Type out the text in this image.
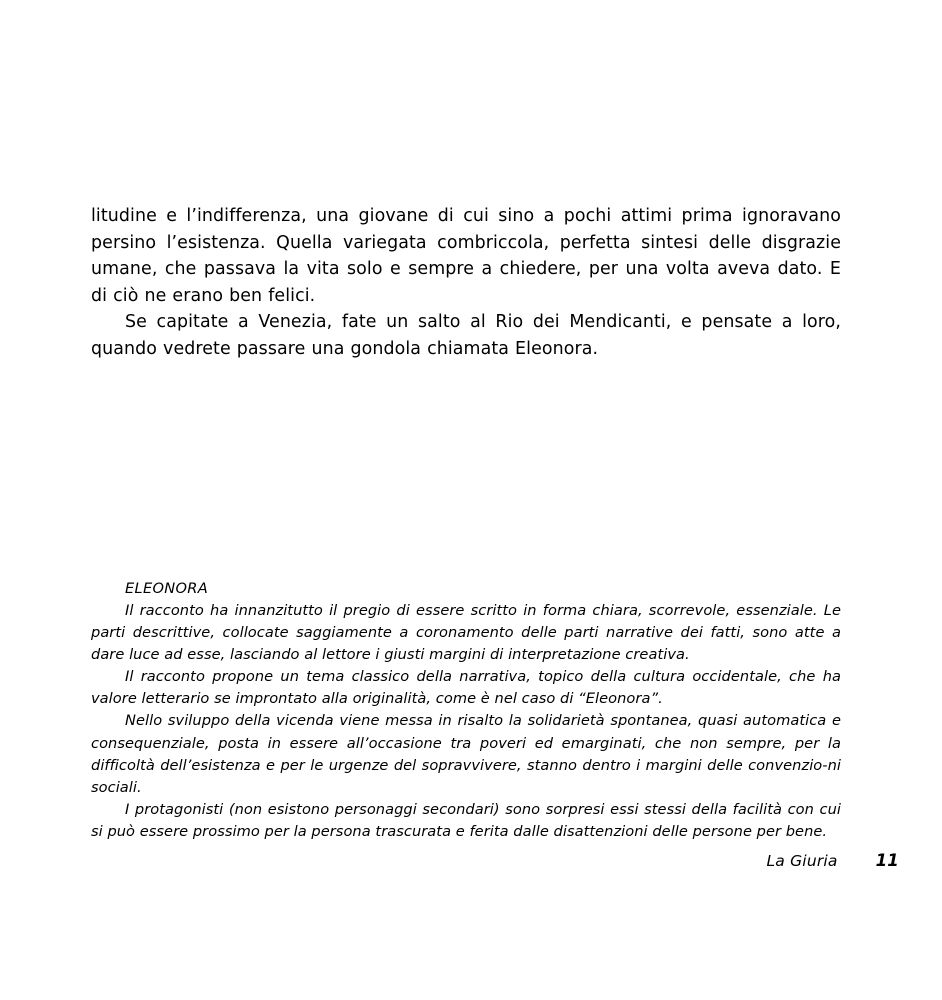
litudine e l’indifferenza, una giovane di cui sino a pochi attimi prima ignoravano persino l’esistenza. Quella variegata combriccola, perfetta sintesi delle disgrazie umane, che passava la vita solo e sempre a chiedere, per una volta aveva dato. E di ciò ne erano ben felici.

Se capitate a Venezia, fate un salto al Rio dei Mendicanti, e pensate a loro, quando vedrete passare una gondola chiamata Eleonora.

ELEONORA

Il racconto ha innanzitutto il pregio di essere scritto in forma chiara, scorrevole, essenziale. Le parti descrittive, collocate saggiamente a coronamento delle parti narrative dei fatti, sono atte a dare luce ad esse, lasciando al lettore i giusti margini di interpretazione creativa.

Il racconto propone un tema classico della narrativa, topico della cultura occidentale, che ha valore letterario se improntato alla originalità, come è nel caso di “Eleonora”.

Nello sviluppo della vicenda viene messa in risalto la solidarietà spontanea, quasi automatica e consequenziale, posta in essere all’occasione tra poveri ed emarginati, che non sempre, per la difficoltà dell’esistenza e per le urgenze del sopravvivere, stanno dentro i margini delle convenzio-ni sociali.

I protagonisti (non esistono personaggi secondari) sono sorpresi essi stessi della facilità con cui si può essere prossimo per la persona trascurata e ferita dalle disattenzioni delle persone per bene.

La Giuria 11
